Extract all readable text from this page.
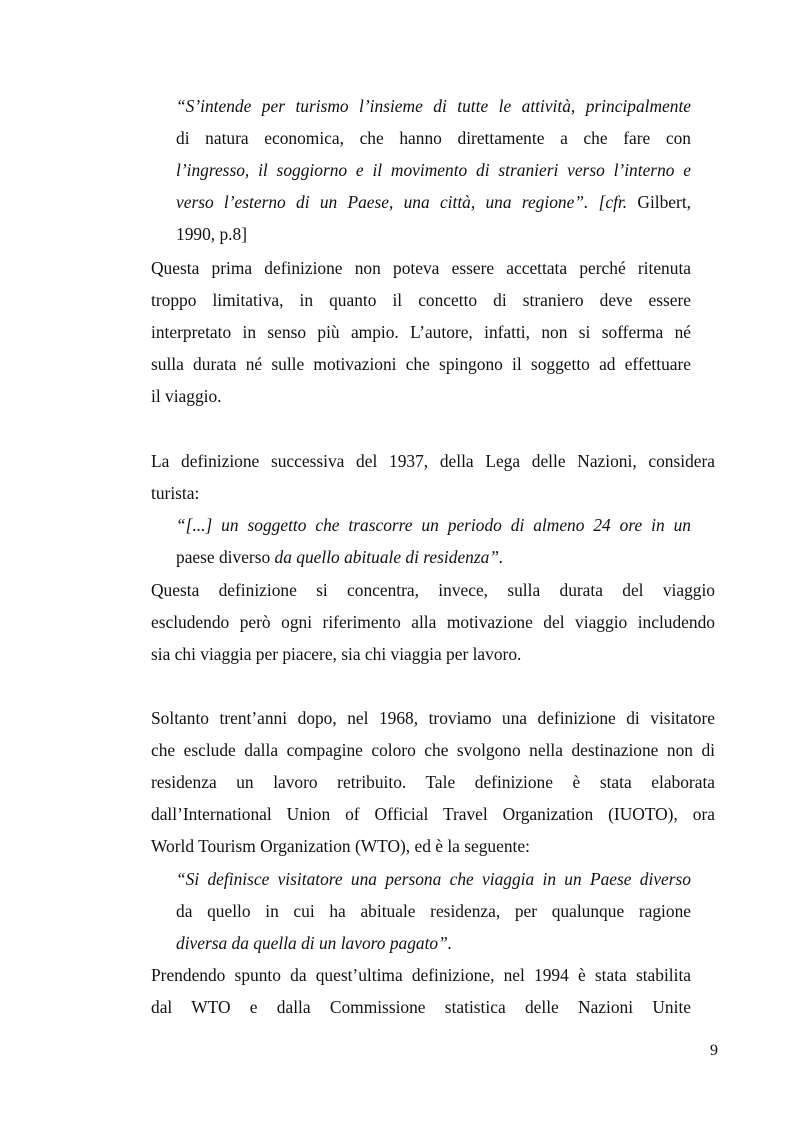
“S’intende per turismo l’insieme di tutte le attività, principalmente

di natura economica, che hanno direttamente a che fare con

l’ingresso, il soggiorno e il movimento di stranieri verso l’interno e

verso l’esterno di un Paese, una città, una regione”. [cfr. Gilbert,

1990, p.8]

Questa prima definizione non poteva essere accettata perché ritenuta

troppo limitativa, in quanto il concetto di straniero deve essere

interpretato in senso più ampio. L’autore, infatti, non si sofferma né

sulla durata né sulle motivazioni che spingono il soggetto ad effettuare

il viaggio.

La definizione successiva del 1937, della Lega delle Nazioni, considera

turista:

“[...] un soggetto che trascorre un periodo di almeno 24 ore in un

paese diverso da quello abituale di residenza”.

Questa definizione si concentra, invece, sulla durata del viaggio

escludendo però ogni riferimento alla motivazione del viaggio includendo

sia chi viaggia per piacere, sia chi viaggia per lavoro.

Soltanto trent’anni dopo, nel 1968, troviamo una definizione di visitatore

che esclude dalla compagine coloro che svolgono nella destinazione non di

residenza un lavoro retribuito. Tale definizione è stata elaborata

dall’International Union of Official Travel Organization (IUOTO), ora

World Tourism Organization (WTO), ed è la seguente:

“Si definisce visitatore una persona che viaggia in un Paese diverso

da quello in cui ha abituale residenza, per qualunque ragione

diversa da quella di un lavoro pagato”.

Prendendo spunto da quest’ultima definizione, nel 1994 è stata stabilita

dal WTO e dalla Commissione statistica delle Nazioni Unite

9
